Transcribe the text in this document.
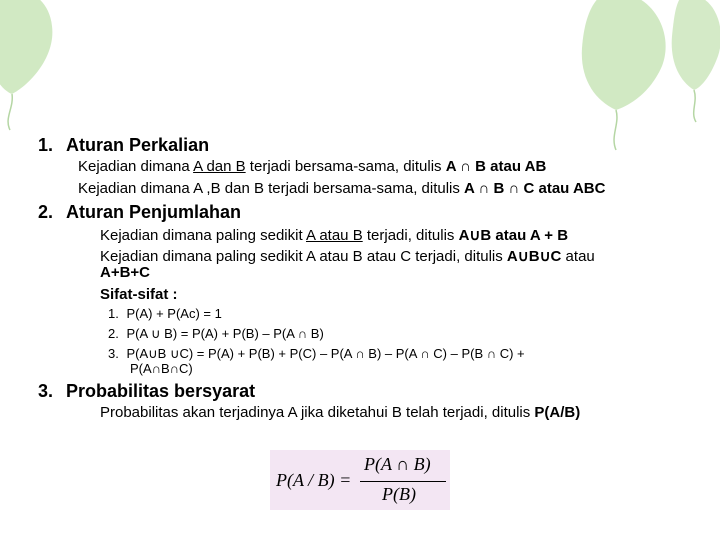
1. Aturan Perkalian
Kejadian dimana A dan B terjadi bersama-sama, ditulis A ∩ B atau AB
Kejadian dimana A ,B dan B terjadi bersama-sama, ditulis A ∩ B ∩ C atau ABC
2. Aturan Penjumlahan
Kejadian dimana paling sedikit A atau B terjadi, ditulis A∪B atau A + B
Kejadian dimana paling sedikit A atau B atau C terjadi, ditulis A∪B∪C atau
A+B+C
Sifat-sifat :
1. P(A) + P(Ac) = 1
2. P(A ∪ B) = P(A) + P(B) – P(A ∩ B)
3. P(A∪B ∪C) = P(A) + P(B) + P(C) – P(A ∩ B) – P(A ∩ C) – P(B ∩ C) +
P(A∩B∩C)
3. Probabilitas bersyarat
Probabilitas akan terjadinya A jika diketahui B telah terjadi, ditulis P(A/B)
P(A / B) =
P(A ∩ B)
P(B)
